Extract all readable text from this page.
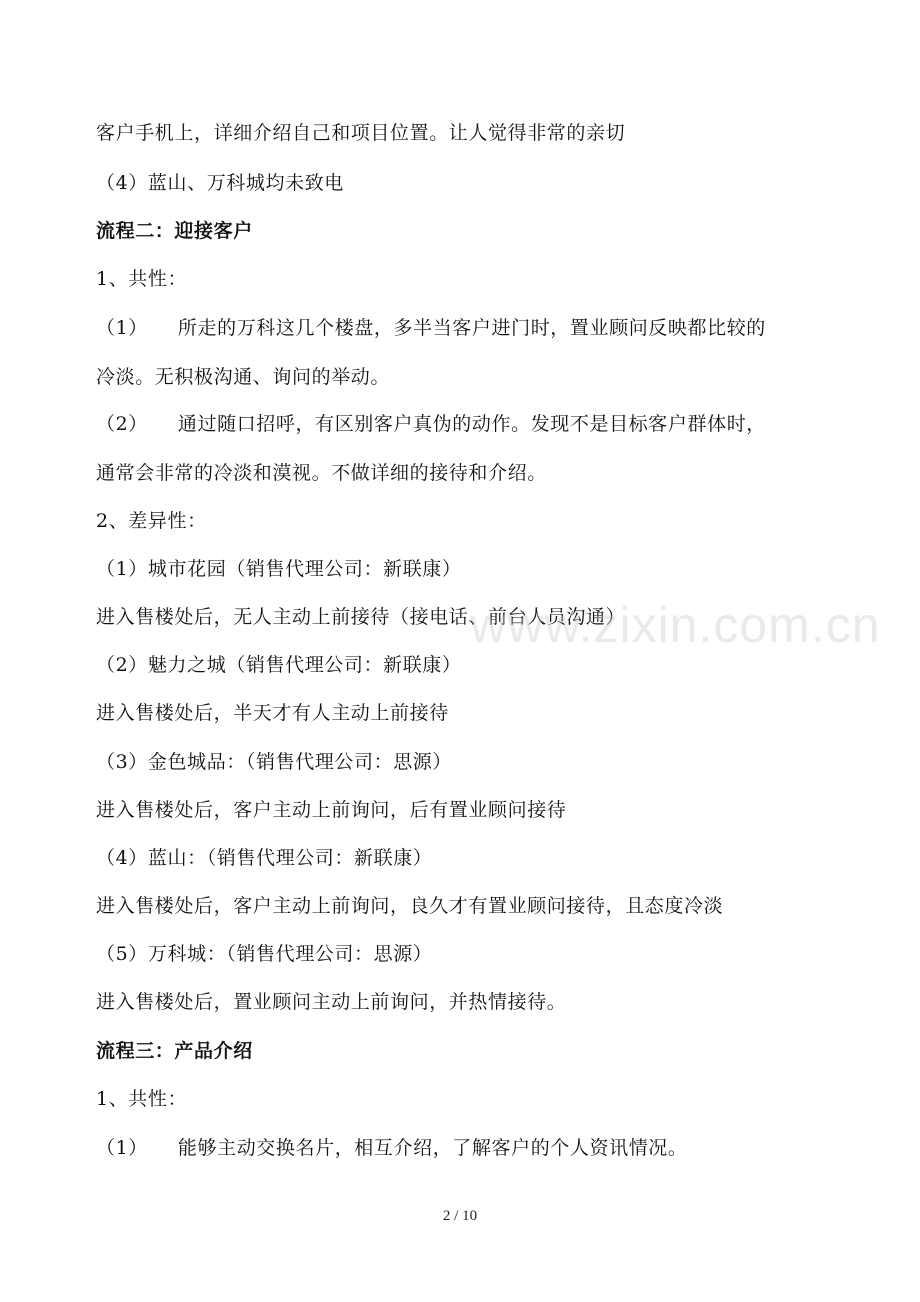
客户手机上，详细介绍自己和项目位置。让人觉得非常的亲切
（4）蓝山、万科城均未致电
流程二：迎接客户
1、共性：
（1） 所走的万科这几个楼盘，多半当客户进门时，置业顾问反映都比较的
冷淡。无积极沟通、询问的举动。
（2） 通过随口招呼，有区别客户真伪的动作。发现不是目标客户群体时，
通常会非常的冷淡和漠视。不做详细的接待和介绍。
2、差异性：
（1）城市花园（销售代理公司：新联康）
进入售楼处后，无人主动上前接待（接电话、前台人员沟通）
（2）魅力之城（销售代理公司：新联康）
进入售楼处后，半天才有人主动上前接待
（3）金色城品：（销售代理公司：思源）
进入售楼处后，客户主动上前询问，后有置业顾问接待
（4）蓝山：（销售代理公司：新联康）
进入售楼处后，客户主动上前询问，良久才有置业顾问接待，且态度冷淡
（5）万科城：（销售代理公司：思源）
进入售楼处后，置业顾问主动上前询问，并热情接待。
流程三：产品介绍
1、共性：
（1） 能够主动交换名片，相互介绍，了解客户的个人资讯情况。
www.zixin.com.cn
2 / 10
